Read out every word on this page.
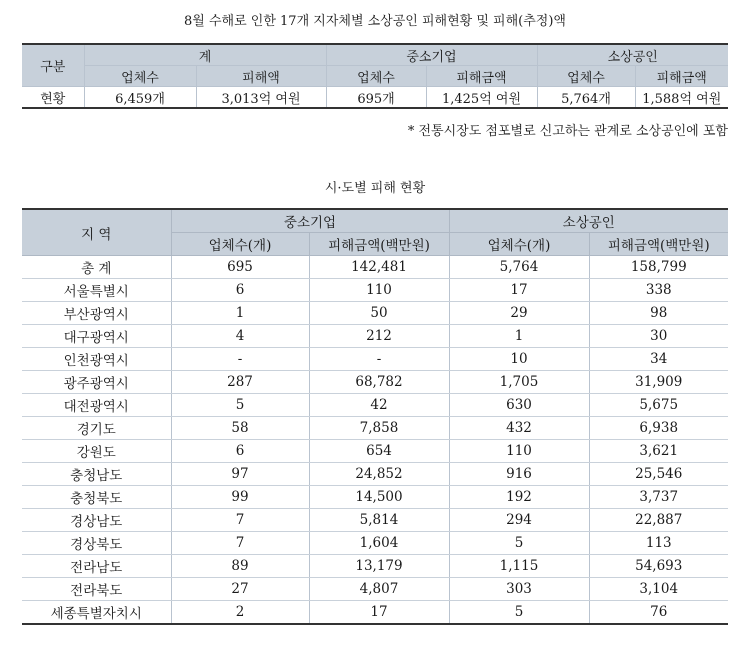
8월 수해로 인한 17개 지자체별 소상공인 피해현황 및 피해(추정)액
구분	계		중소기업		소상공인	
	업체수	피해액	업체수	피해금액	업체수	피해금액
현황	6,459개	3,013억 여원	695개	1,425억 여원	5,764개	1,588억 여원
* 전통시장도 점포별로 신고하는 관계로 소상공인에 포함
시·도별 피해 현황
지 역	중소기업		소상공인	
	업체수(개)	피해금액(백만원)	업체수(개)	피해금액(백만원)
총 계	695	142,481	5,764	158,799
서울특별시	6	110	17	338
부산광역시	1	50	29	98
대구광역시	4	212	1	30
인천광역시	-	-	10	34
광주광역시	287	68,782	1,705	31,909
대전광역시	5	42	630	5,675
경기도	58	7,858	432	6,938
강원도	6	654	110	3,621
충청남도	97	24,852	916	25,546
충청북도	99	14,500	192	3,737
경상남도	7	5,814	294	22,887
경상북도	7	1,604	5	113
전라남도	89	13,179	1,115	54,693
전라북도	27	4,807	303	3,104
세종특별자치시	2	17	5	76
